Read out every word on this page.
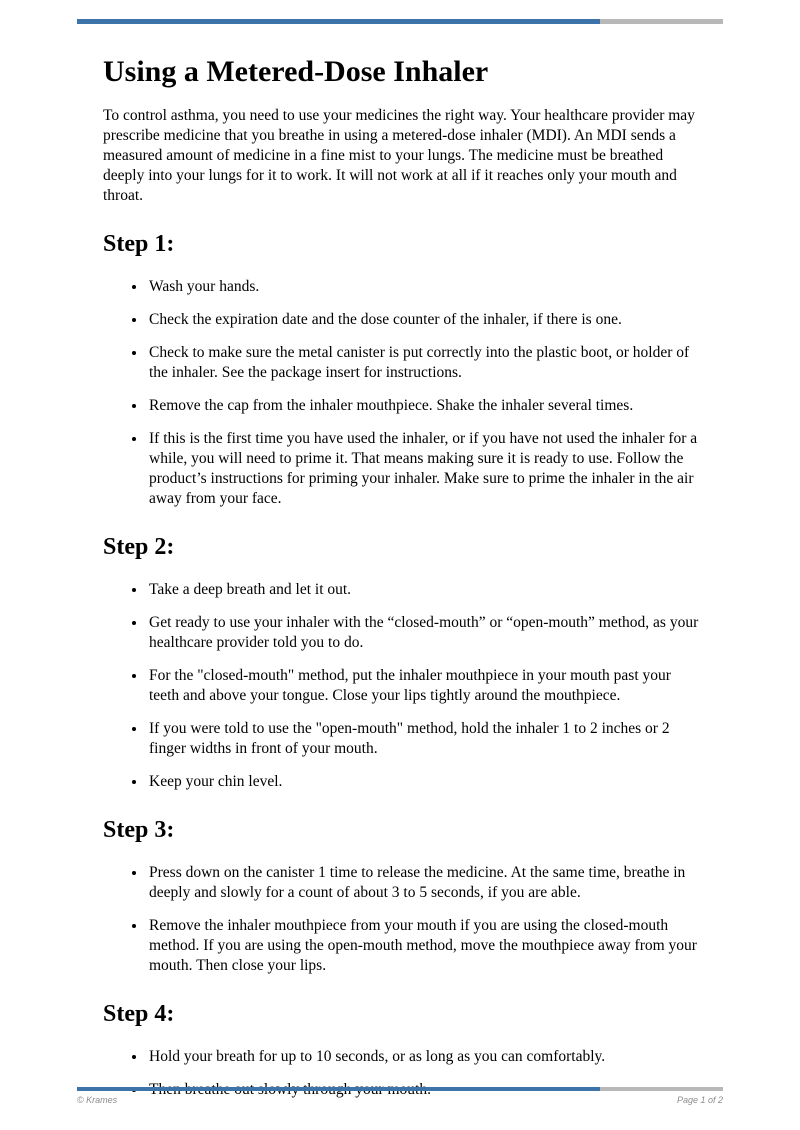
Using a Metered-Dose Inhaler

To control asthma, you need to use your medicines the right way. Your healthcare provider may prescribe medicine that you breathe in using a metered-dose inhaler (MDI). An MDI sends a measured amount of medicine in a fine mist to your lungs. The medicine must be breathed deeply into your lungs for it to work. It will not work at all if it reaches only your mouth and throat.

Step 1:
• Wash your hands.
• Check the expiration date and the dose counter of the inhaler, if there is one.
• Check to make sure the metal canister is put correctly into the plastic boot, or holder of the inhaler. See the package insert for instructions.
• Remove the cap from the inhaler mouthpiece. Shake the inhaler several times.
• If this is the first time you have used the inhaler, or if you have not used the inhaler for a while, you will need to prime it. That means making sure it is ready to use. Follow the product’s instructions for priming your inhaler. Make sure to prime the inhaler in the air away from your face.
Step 2:
• Take a deep breath and let it out.
• Get ready to use your inhaler with the “closed-mouth” or “open-mouth” method, as your healthcare provider told you to do.
• For the "closed-mouth" method, put the inhaler mouthpiece in your mouth past your teeth and above your tongue. Close your lips tightly around the mouthpiece.
• If you were told to use the "open-mouth" method, hold the inhaler 1 to 2 inches or 2 finger widths in front of your mouth.
• Keep your chin level.
Step 3:
• Press down on the canister 1 time to release the medicine. At the same time, breathe in deeply and slowly for a count of about 3 to 5 seconds, if you are able.
• Remove the inhaler mouthpiece from your mouth if you are using the closed-mouth method. If you are using the open-mouth method, move the mouthpiece away from your mouth. Then close your lips.
Step 4:
• Hold your breath for up to 10 seconds, or as long as you can comfortably.
•
© Krames	Page 1 of 2
